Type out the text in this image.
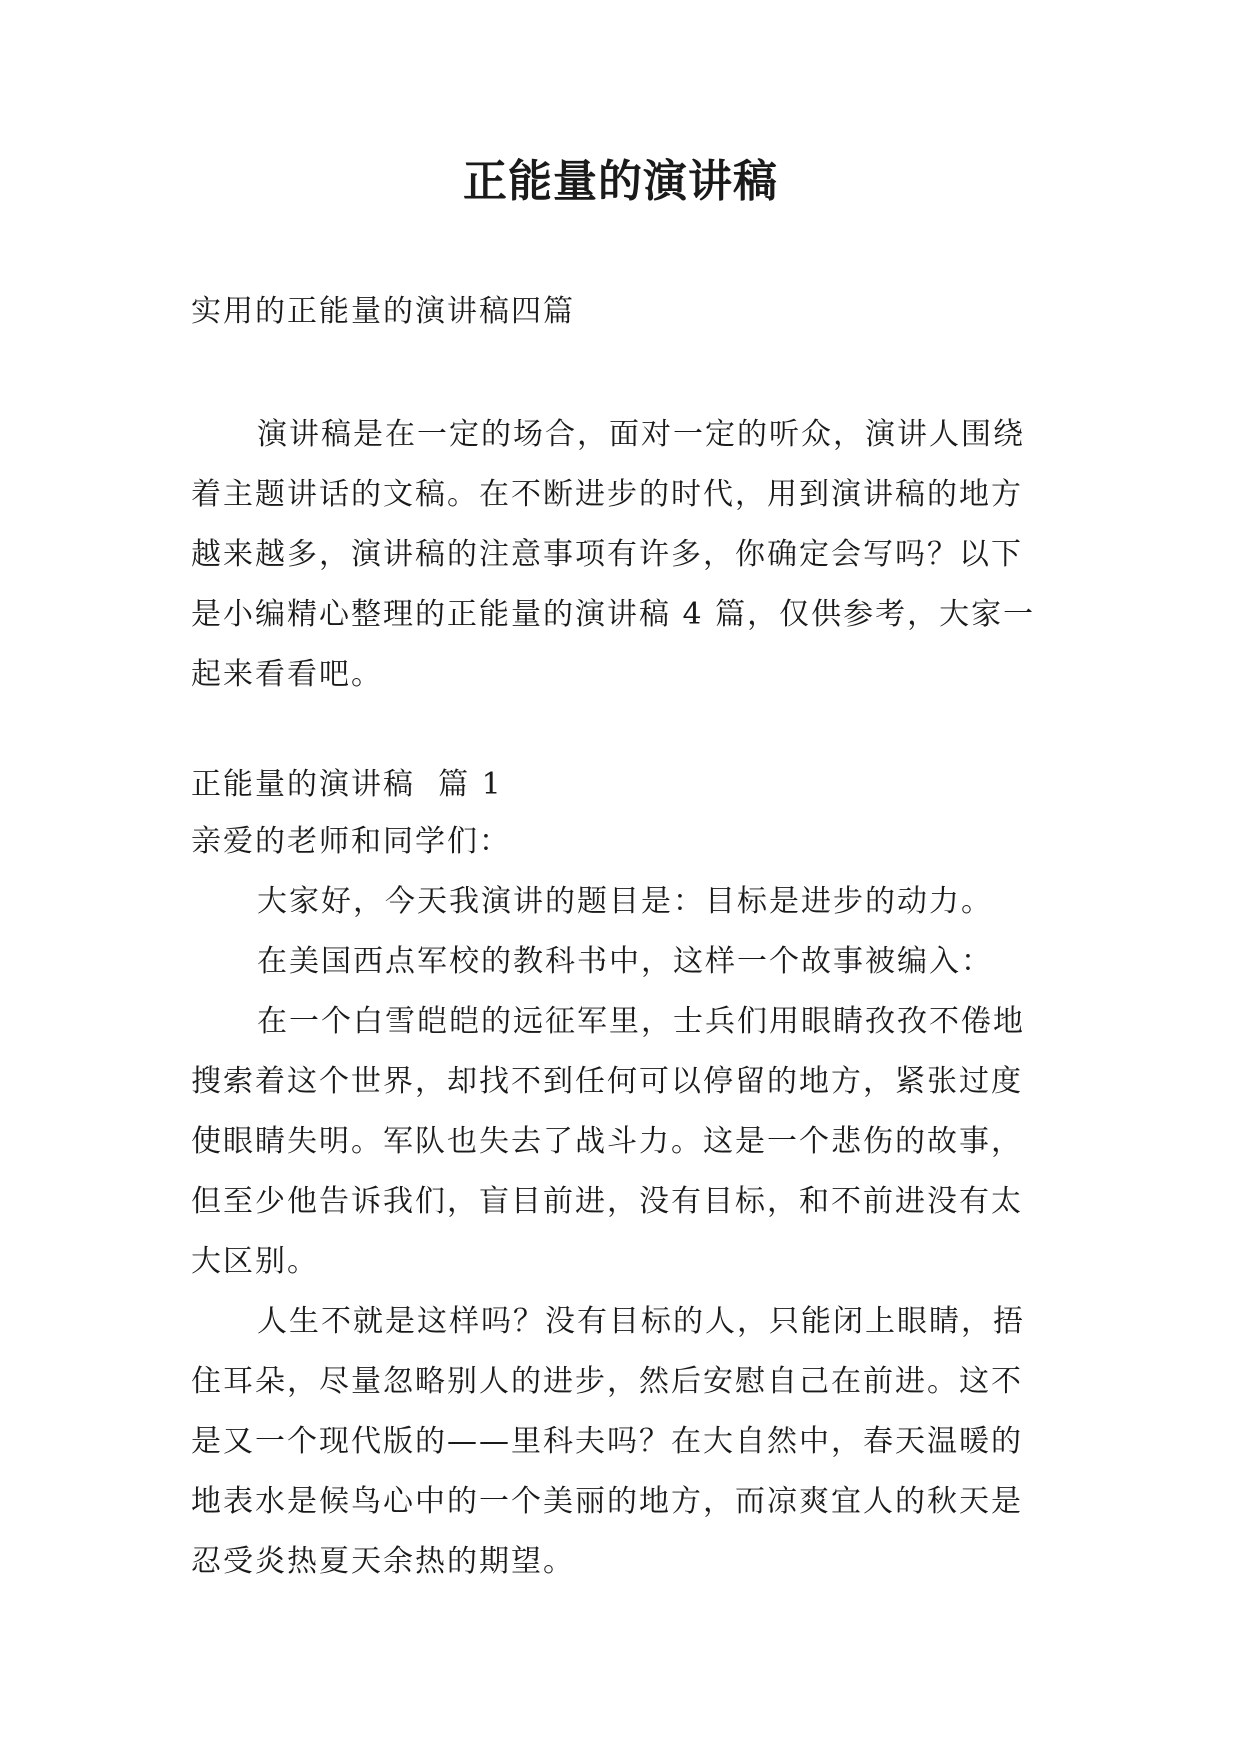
正能量的演讲稿
实用的正能量的演讲稿四篇
演讲稿是在一定的场合，面对一定的听众，演讲人围绕
着主题讲话的文稿。在不断进步的时代，用到演讲稿的地方
越来越多，演讲稿的注意事项有许多，你确定会写吗？以下
是小编精心整理的正能量的演讲稿 4 篇，仅供参考，大家一
起来看看吧。
正能量的演讲稿  篇 1
亲爱的老师和同学们：
大家好，今天我演讲的题目是：目标是进步的动力。
在美国西点军校的教科书中，这样一个故事被编入：
在一个白雪皑皑的远征军里，士兵们用眼睛孜孜不倦地
搜索着这个世界，却找不到任何可以停留的地方，紧张过度
使眼睛失明。军队也失去了战斗力。这是一个悲伤的故事，
但至少他告诉我们，盲目前进，没有目标，和不前进没有太
大区别。
人生不就是这样吗？没有目标的人，只能闭上眼睛，捂
住耳朵，尽量忽略别人的进步，然后安慰自己在前进。这不
是又一个现代版的——里科夫吗？在大自然中，春天温暖的
地表水是候鸟心中的一个美丽的地方，而凉爽宜人的秋天是
忍受炎热夏天余热的期望。
